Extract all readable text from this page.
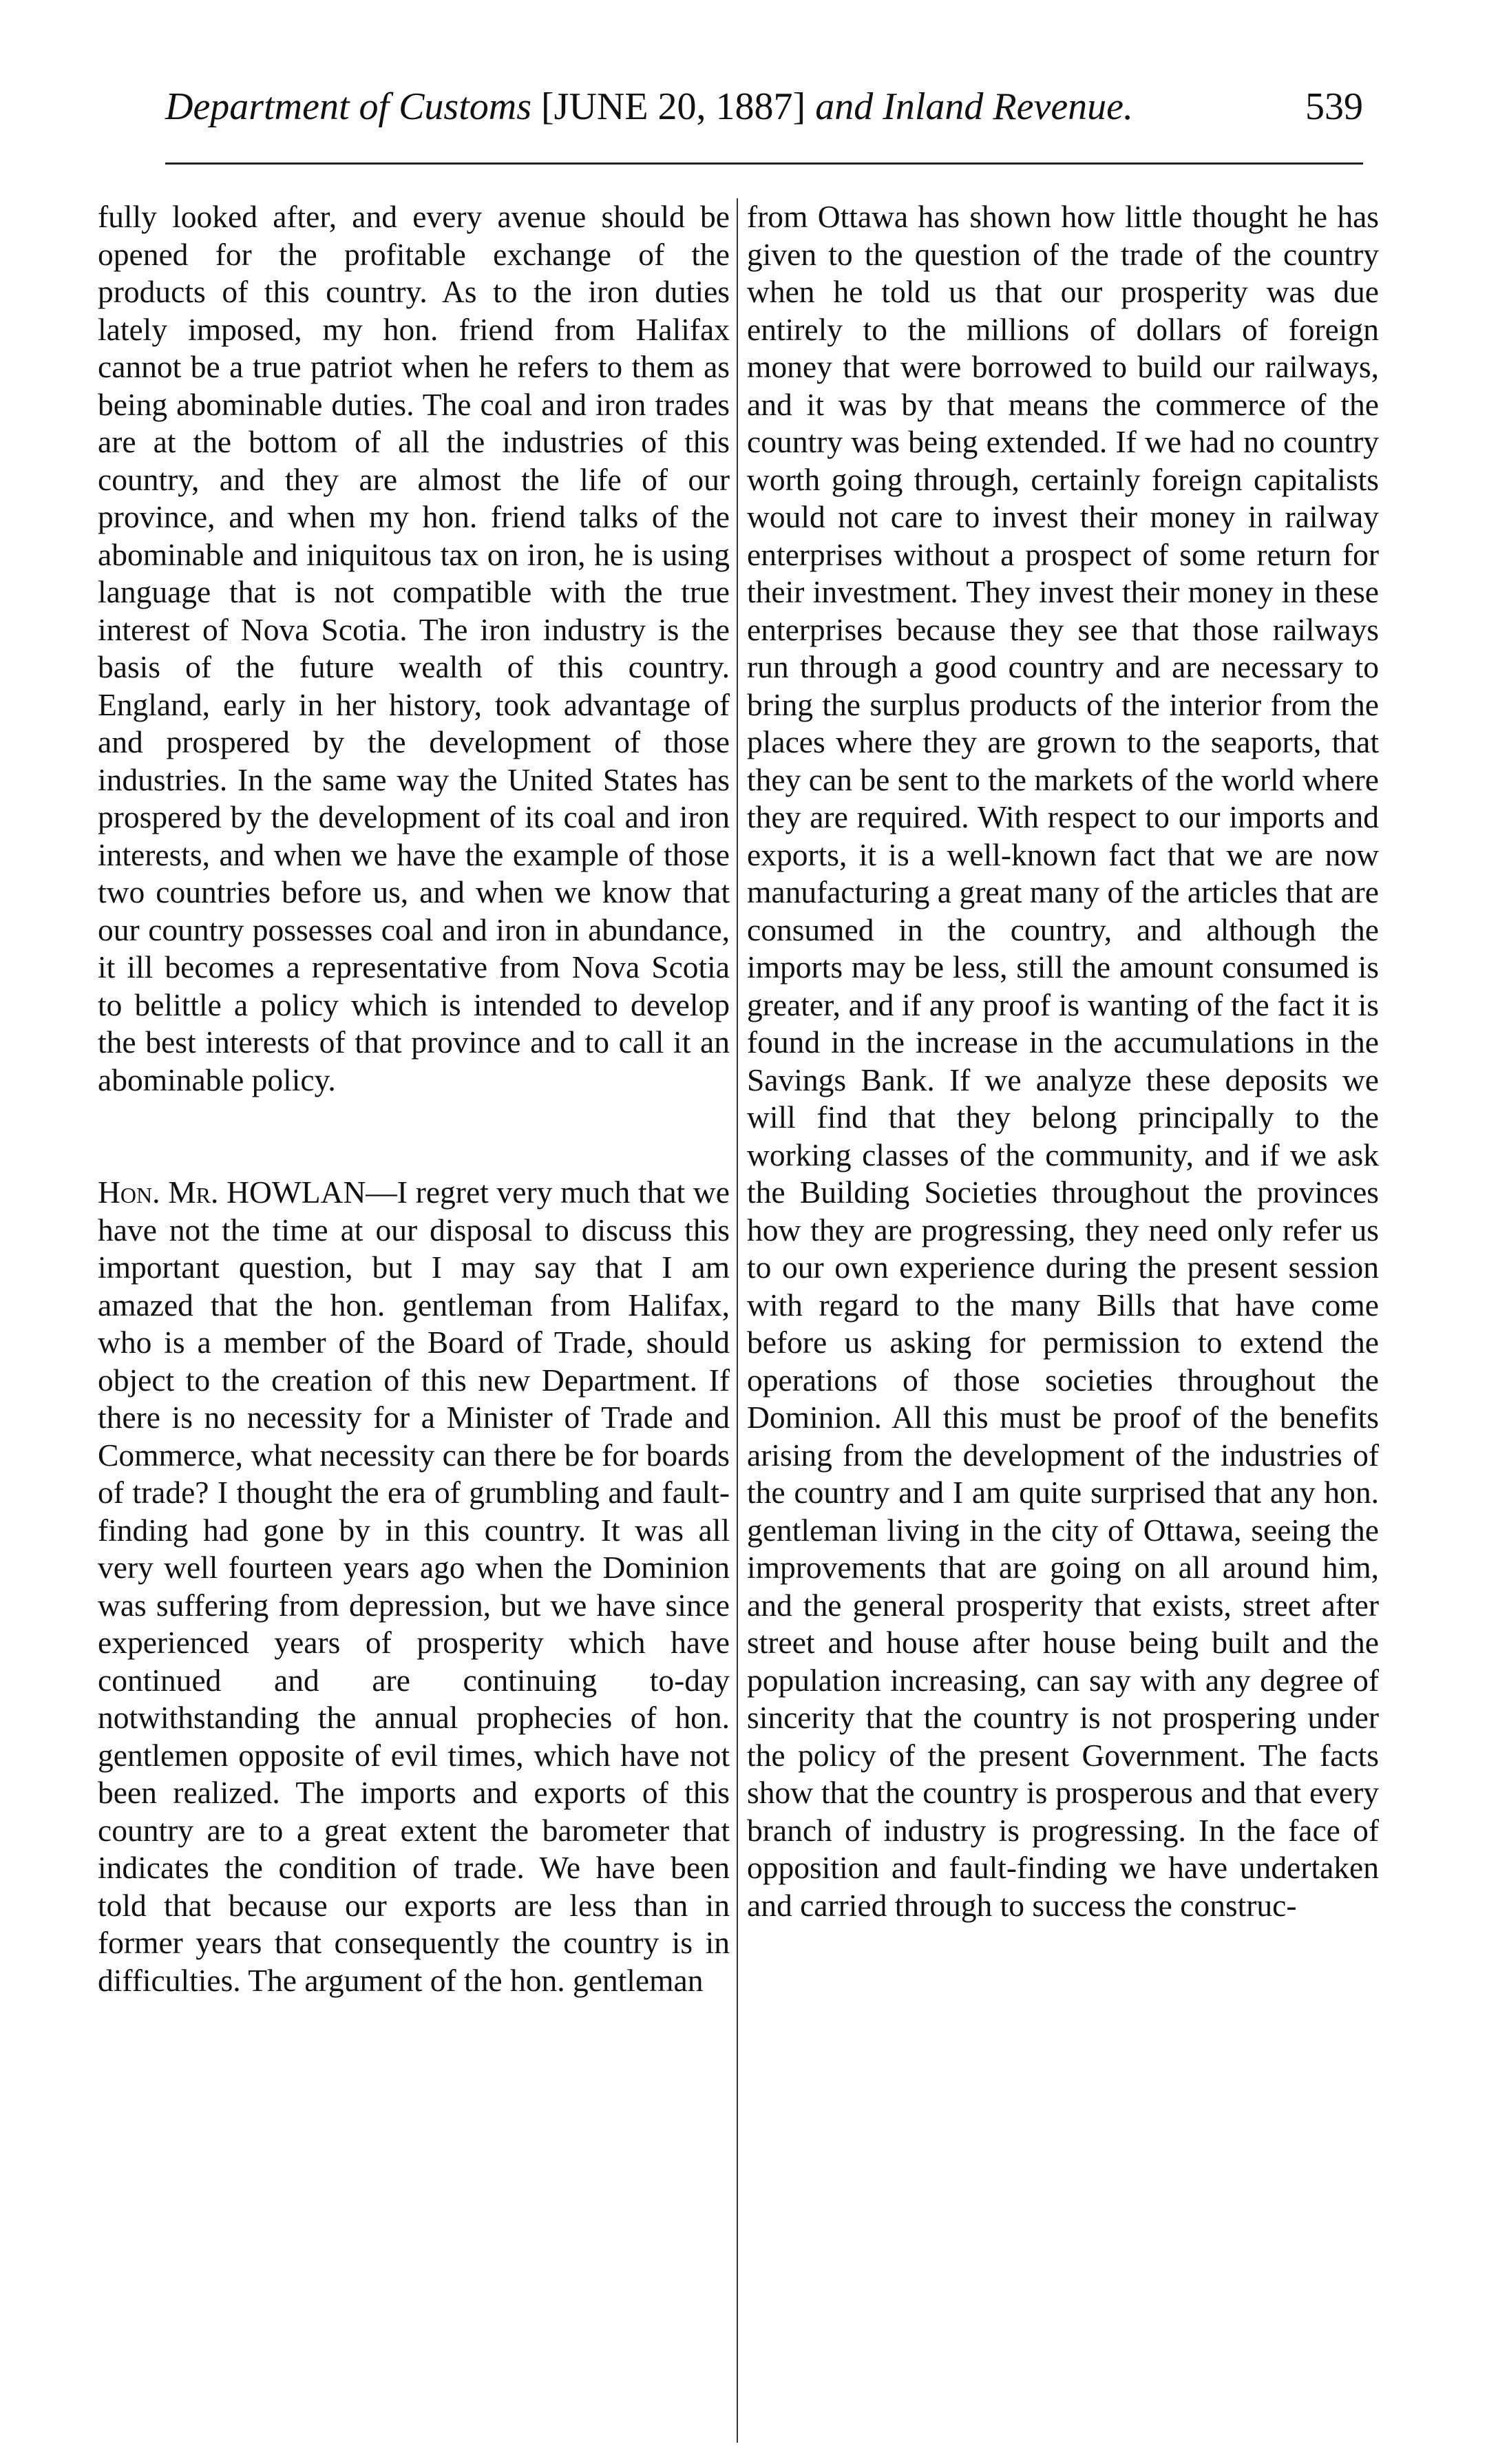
Department of Customs [JUNE 20, 1887] and Inland Revenue.	539

fully looked after, and every avenue should be opened for the profitable exchange of the products of this country. As to the iron duties lately imposed, my hon. friend from Halifax cannot be a true patriot when he refers to them as being abominable duties. The coal and iron trades are at the bottom of all the industries of this country, and they are almost the life of our province, and when my hon. friend talks of the abominable and iniquitous tax on iron, he is using language that is not compatible with the true interest of Nova Scotia. The iron industry is the basis of the future wealth of this country. England, early in her history, took advantage of and prospered by the development of those industries. In the same way the United States has prospered by the development of its coal and iron interests, and when we have the example of those two countries before us, and when we know that our country possesses coal and iron in abundance, it ill becomes a representative from Nova Scotia to belittle a policy which is intended to develop the best interests of that province and to call it an abominable policy.

Hon. Mr. HOWLAN—I regret very much that we have not the time at our disposal to discuss this important question, but I may say that I am amazed that the hon. gentleman from Halifax, who is a member of the Board of Trade, should object to the creation of this new Department. If there is no necessity for a Minister of Trade and Commerce, what necessity can there be for boards of trade? I thought the era of grumbling and fault-finding had gone by in this country. It was all very well fourteen years ago when the Dominion was suffering from depression, but we have since experienced years of prosperity which have continued and are continuing to-day notwithstanding the annual prophecies of hon. gentlemen opposite of evil times, which have not been realized. The imports and exports of this country are to a great extent the barometer that indicates the condition of trade. We have been told that because our exports are less than in former years that consequently the country is in difficulties. The argument of the hon. gentleman

from Ottawa has shown how little thought he has given to the question of the trade of the country when he told us that our prosperity was due entirely to the millions of dollars of foreign money that were borrowed to build our railways, and it was by that means the commerce of the country was being extended. If we had no country worth going through, certainly foreign capitalists would not care to invest their money in railway enterprises without a prospect of some return for their investment. They invest their money in these enterprises because they see that those railways run through a good country and are necessary to bring the surplus products of the interior from the places where they are grown to the seaports, that they can be sent to the markets of the world where they are required. With respect to our imports and exports, it is a well-known fact that we are now manufacturing a great many of the articles that are consumed in the country, and although the imports may be less, still the amount consumed is greater, and if any proof is wanting of the fact it is found in the increase in the accumulations in the Savings Bank. If we analyze these deposits we will find that they belong principally to the working classes of the community, and if we ask the Building Societies throughout the provinces how they are progressing, they need only refer us to our own experience during the present session with regard to the many Bills that have come before us asking for permission to extend the operations of those societies throughout the Dominion. All this must be proof of the benefits arising from the development of the industries of the country and I am quite surprised that any hon. gentleman living in the city of Ottawa, seeing the improvements that are going on all around him, and the general prosperity that exists, street after street and house after house being built and the population increasing, can say with any degree of sincerity that the country is not prospering under the policy of the present Government. The facts show that the country is prosperous and that every branch of industry is progressing. In the face of opposition and fault-finding we have undertaken and carried through to success the construc-
